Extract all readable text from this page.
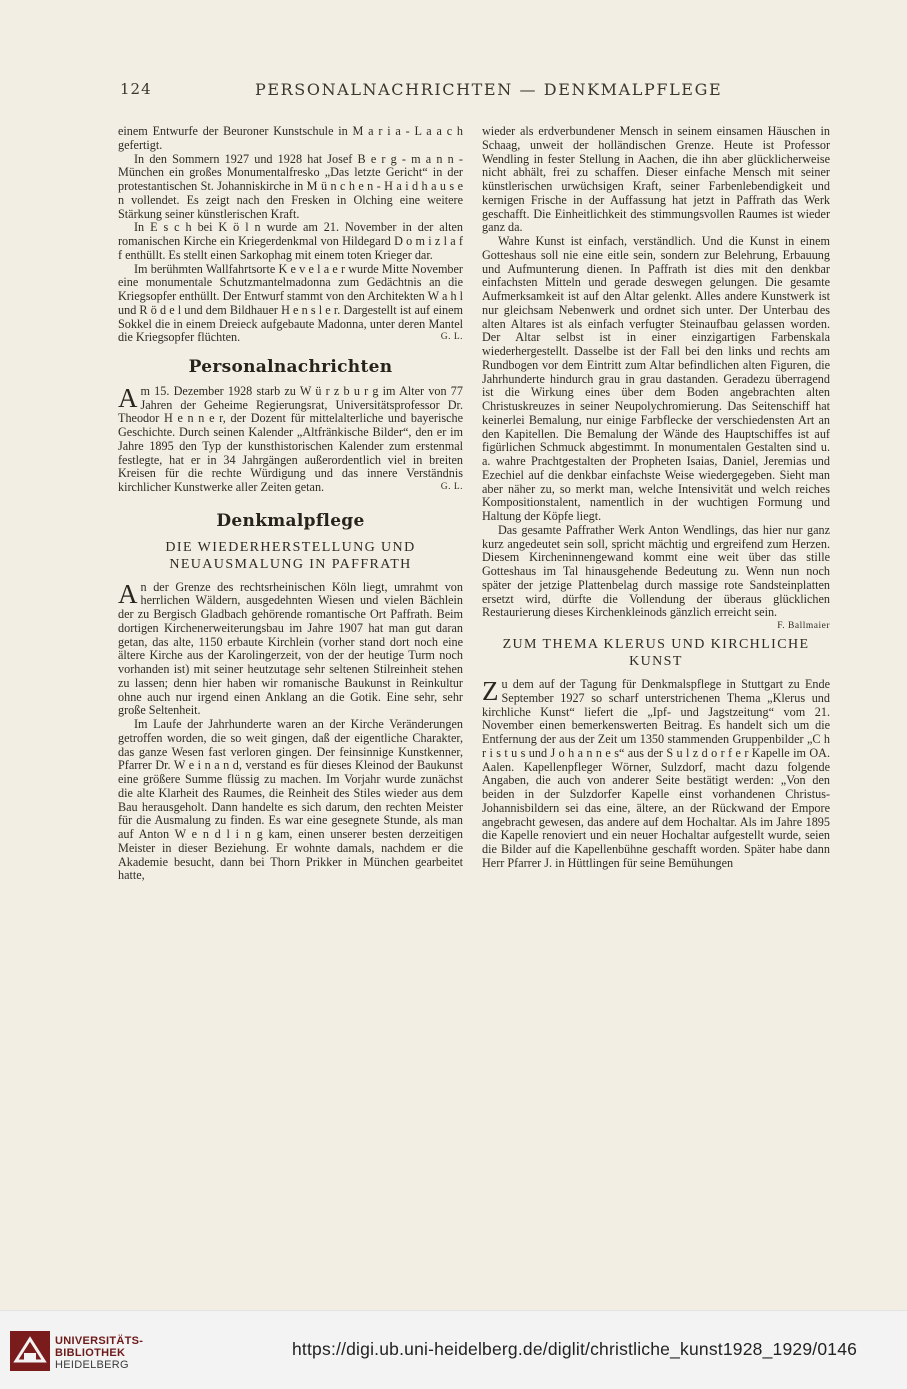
124	PERSONALNACHRICHTEN — DENKMALPFLEGE

einem Entwurfe der Beuroner Kunstschule in M a r i a - L a a c h gefertigt.

In den Sommern 1927 und 1928 hat Josef B e r g - m a n n - München ein großes Monumentalfresko „Das letzte Gericht“ in der protestantischen St. Johanniskirche in M ü n c h e n - H a i d h a u s e n vollendet. Es zeigt nach den Fresken in Olching eine weitere Stärkung seiner künstlerischen Kraft.

In E s c h bei K ö l n wurde am 21. November in der alten romanischen Kirche ein Kriegerdenkmal von Hildegard D o m i z l a f f enthüllt. Es stellt einen Sarkophag mit einem toten Krieger dar.

Im berühmten Wallfahrtsorte K e v e l a e r wurde Mitte November eine monumentale Schutzmantelmadonna zum Gedächtnis an die Kriegsopfer enthüllt. Der Entwurf stammt von den Architekten W a h l und R ö d e l und dem Bildhauer H e n s l e r. Dargestellt ist auf einem Sokkel die in einem Dreieck aufgebaute Madonna, unter deren Mantel die Kriegsopfer flüchten.	G. L.

Personalnachrichten

A m 15. Dezember 1928 starb zu W ü r z b u r g im Alter von 77 Jahren der Geheime Regierungsrat, Universitätsprofessor Dr. Theodor H e n n e r, der Dozent für mittelalterliche und bayerische Geschichte. Durch seinen Kalender „Altfränkische Bilder“, den er im Jahre 1895 den Typ der kunsthistorischen Kalender zum erstenmal festlegte, hat er in 34 Jahrgängen außerordentlich viel in breiten Kreisen für die rechte Würdigung und das innere Verständnis kirchlicher Kunstwerke aller Zeiten getan.	G. L.

Denkmalpflege
DIE WIEDERHERSTELLUNG UND NEUAUSMALUNG IN PAFFRATH

A n der Grenze des rechtsrheinischen Köln liegt, umrahmt von herrlichen Wäldern, ausgedehnten Wiesen und vielen Bächlein der zu Bergisch Gladbach gehörende romantische Ort Paffrath. Beim dortigen Kirchenerweiterungsbau im Jahre 1907 hat man gut daran getan, das alte, 1150 erbaute Kirchlein (vorher stand dort noch eine ältere Kirche aus der Karolingerzeit, von der der heutige Turm noch vorhanden ist) mit seiner heutzutage sehr seltenen Stilreinheit stehen zu lassen; denn hier haben wir romanische Baukunst in Reinkultur ohne auch nur irgend einen Anklang an die Gotik. Eine sehr, sehr große Seltenheit.

Im Laufe der Jahrhunderte waren an der Kirche Veränderungen getroffen worden, die so weit gingen, daß der eigentliche Charakter, das ganze Wesen fast verloren gingen. Der feinsinnige Kunstkenner, Pfarrer Dr. W e i n a n d, verstand es für dieses Kleinod der Baukunst eine größere Summe flüssig zu machen. Im Vorjahr wurde zunächst die alte Klarheit des Raumes, die Reinheit des Stiles wieder aus dem Bau herausgeholt. Dann handelte es sich darum, den rechten Meister für die Ausmalung zu finden. Es war eine gesegnete Stunde, als man auf Anton W e n d l i n g kam, einen unserer besten derzeitigen Meister in dieser Beziehung. Er wohnte damals, nachdem er die Akademie besucht, dann bei Thorn Prikker in München gearbeitet hatte,

wieder als erdverbundener Mensch in seinem einsamen Häuschen in Schaag, unweit der holländischen Grenze. Heute ist Professor Wendling in fester Stellung in Aachen, die ihn aber glücklicherweise nicht abhält, frei zu schaffen. Dieser einfache Mensch mit seiner künstlerischen urwüchsigen Kraft, seiner Farbenlebendigkeit und kernigen Frische in der Auffassung hat jetzt in Paffrath das Werk geschafft. Die Einheitlichkeit des stimmungsvollen Raumes ist wieder ganz da.

Wahre Kunst ist einfach, verständlich. Und die Kunst in einem Gotteshaus soll nie eine eitle sein, sondern zur Belehrung, Erbauung und Aufmunterung dienen. In Paffrath ist dies mit den denkbar einfachsten Mitteln und gerade deswegen gelungen. Die gesamte Aufmerksamkeit ist auf den Altar gelenkt. Alles andere Kunstwerk ist nur gleichsam Nebenwerk und ordnet sich unter. Der Unterbau des alten Altares ist als einfach verfugter Steinaufbau gelassen worden. Der Altar selbst ist in einer einzigartigen Farbenskala wiederhergestellt. Dasselbe ist der Fall bei den links und rechts am Rundbogen vor dem Eintritt zum Altar befindlichen alten Figuren, die Jahrhunderte hindurch grau in grau dastanden. Geradezu überragend ist die Wirkung eines über dem Boden angebrachten alten Christuskreuzes in seiner Neupolychromierung. Das Seitenschiff hat keinerlei Bemalung, nur einige Farbflecke der verschiedensten Art an den Kapitellen. Die Bemalung der Wände des Hauptschiffes ist auf figürlichen Schmuck abgestimmt. In monumentalen Gestalten sind u. a. wahre Prachtgestalten der Propheten Isaias, Daniel, Jeremias und Ezechiel auf die denkbar einfachste Weise wiedergegeben. Sieht man aber näher zu, so merkt man, welche Intensivität und welch reiches Kompositionstalent, namentlich in der wuchtigen Formung und Haltung der Köpfe liegt.

Das gesamte Paffrather Werk Anton Wendlings, das hier nur ganz kurz angedeutet sein soll, spricht mächtig und ergreifend zum Herzen. Diesem Kircheninnengewand kommt eine weit über das stille Gotteshaus im Tal hinausgehende Bedeutung zu. Wenn nun noch später der jetzige Plattenbelag durch massige rote Sandsteinplatten ersetzt wird, dürfte die Vollendung der überaus glücklichen Restaurierung dieses Kirchenkleinods gänzlich erreicht sein.
F. Ballmaier

ZUM THEMA KLERUS UND KIRCHLICHE KUNST

Z u dem auf der Tagung für Denkmalspflege in Stuttgart zu Ende September 1927 so scharf unterstrichenen Thema „Klerus und kirchliche Kunst“ liefert die „Ipf- und Jagstzeitung“ vom 21. November einen bemerkenswerten Beitrag. Es handelt sich um die Entfernung der aus der Zeit um 1350 stammenden Gruppenbilder „C h r i s t u s und J o h a n n e s“ aus der S u l z d o r f e r Kapelle im OA. Aalen. Kapellenpfleger Wörner, Sulzdorf, macht dazu folgende Angaben, die auch von anderer Seite bestätigt werden: „Von den beiden in der Sulzdorfer Kapelle einst vorhandenen Christus-Johannisbildern sei das eine, ältere, an der Rückwand der Empore angebracht gewesen, das andere auf dem Hochaltar. Als im Jahre 1895 die Kapelle renoviert und ein neuer Hochaltar aufgestellt wurde, seien die Bilder auf die Kapellenbühne geschafft worden. Später habe dann Herr Pfarrer J. in Hüttlingen für seine Bemühungen

UNIVERSITÄTS-
BIBLIOTHEK
HEIDELBERG
https://digi.ub.uni-heidelberg.de/diglit/christliche_kunst1928_1929/0146
